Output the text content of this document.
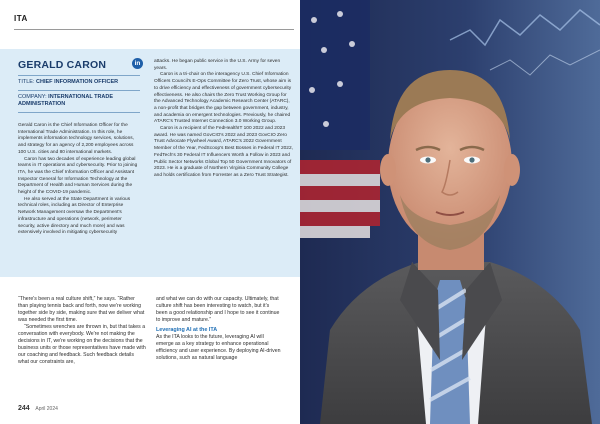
ITA
GERALD CARON
TITLE: CHIEF INFORMATION OFFICER
COMPANY: INTERNATIONAL TRADE ADMINISTRATION

Gerald Caron is the Chief Information Officer for the International Trade Administration. In this role, he implements information technology services, solutions, and strategy for an agency of 2,200 employees across 100 U.S. cities and 80 international markets.

Caron has two decades of experience leading global teams in IT operations and cybersecurity. Prior to joining ITA, he was the Chief Information Officer and Assistant Inspector General for Information Technology at the Department of Health and Human Services during the height of the COVID-19 pandemic.

He also served at the State Department in various technical roles, including as Director of Enterprise Network Management oversaw the Department's infrastructure and operations (network, perimeter security, active directory and much more) and was extensively involved in mitigating cybersecurity

in	attacks. He began public service in the U.S. Army for seven years.

Caron is a tri-chair on the interagency U.S. Chief Information Officers Council's E-Ops Committee for Zero Trust, whose aim is to drive efficiency and effectiveness of government cybersecurity effectiveness. He also chairs the Zero Trust Working Group for the Advanced Technology Academic Research Center (ATARC), a non-profit that bridges the gap between government, industry, and academia on emergent technologies. Previously, he chaired ATARC's Trusted Internet Connection 3.0 Working Group.

Caron is a recipient of the FedHealthIT 100 2022 and 2023 award. He was named GovCIO's 2022 and 2023 GovCIO Zero Trust Advocate Flywheel Award, ATARC's 2022 Government Member of the Year, FedScoop's Best Bosses in Federal IT 2022, FedTech's 30 Federal IT Influencers Worth a Follow in 2023 and Public Sector Networks Global Top 50 Government Innovators of 2023. He is a graduate of Northern Virginia Community College and holds certification from Forrester as a Zero Trust Strategist.

“There's been a real culture shift,” he says. “Rather than playing tennis back and forth, now we're working together side by side, making sure that we deliver what was needed the first time.

“Sometimes wrenches are thrown in, but that takes a conversation with everybody. We're not making the decisions in IT, we're working on the decisions that the business units or those representatives have made with our coaching and feedback. Such feedback details what our constraints are,

and what we can do with our capacity. Ultimately, that culture shift has been interesting to watch, but it's been a good relationship and I hope to see it continue to improve and mature.”

Leveraging AI at the ITA

As the ITA looks to the future, leveraging AI will emerge as a key strategy to enhance operational efficiency and user experience. By deploying AI-driven solutions, such as natural language

244 April 2024
